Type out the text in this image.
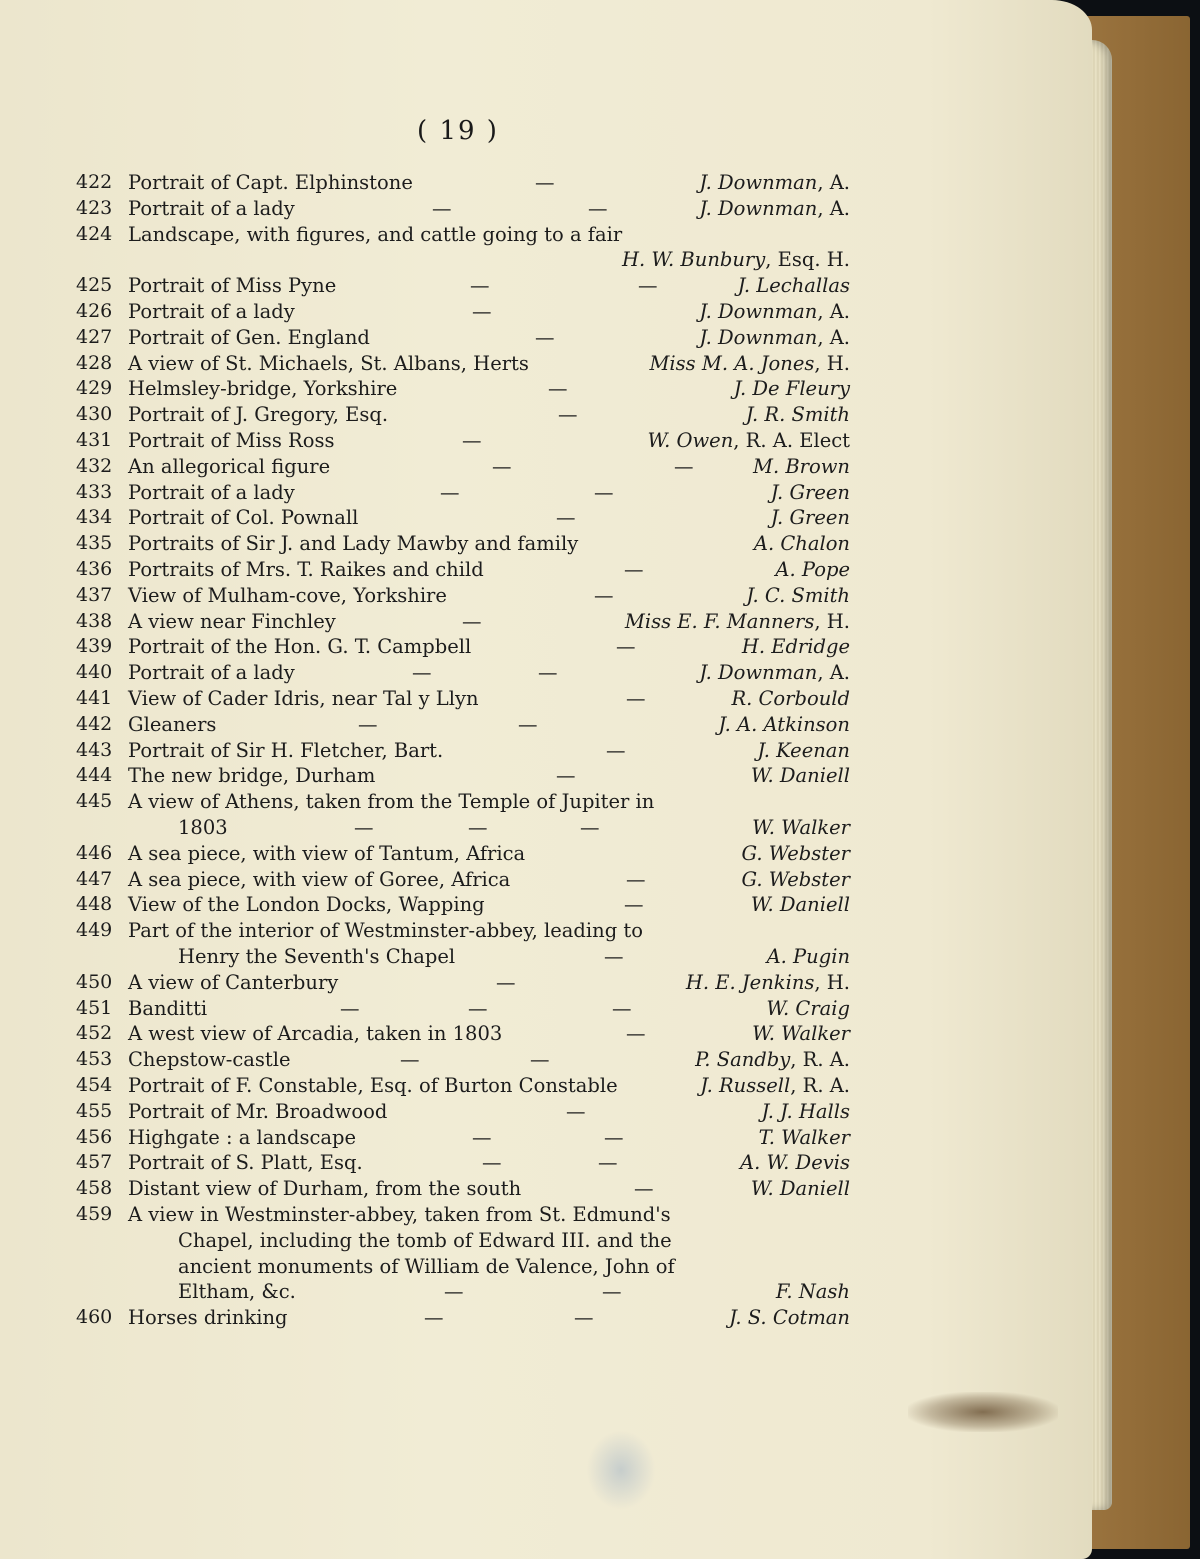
( 19 )
422 Portrait of Capt. Elphinstone	—	J. Downman, A.
423 Portrait of a lady	—	—	J. Downman, A.
424 Landscape, with figures, and cattle going to a fair
H. W. Bunbury, Esq. H.
425 Portrait of Miss Pyne	—	—	J. Lechallas
426 Portrait of a lady	—	J. Downman, A.
427 Portrait of Gen. England	—	J. Downman, A.
428 A view of St. Michaels, St. Albans, Herts	Miss M. A. Jones, H.
429 Helmsley-bridge, Yorkshire	—	J. De Fleury
430 Portrait of J. Gregory, Esq.	—	J. R. Smith
431 Portrait of Miss Ross	—	W. Owen, R. A. Elect
432 An allegorical figure	—	—	M. Brown
433 Portrait of a lady	—	—	J. Green
434 Portrait of Col. Pownall	—	J. Green
435 Portraits of Sir J. and Lady Mawby and family	A. Chalon
436 Portraits of Mrs. T. Raikes and child	—	A. Pope
437 View of Mulham-cove, Yorkshire	—	J. C. Smith
438 A view near Finchley	—	Miss E. F. Manners, H.
439 Portrait of the Hon. G. T. Campbell	—	H. Edridge
440 Portrait of a lady	—	—	J. Downman, A.
441 View of Cader Idris, near Tal y Llyn	—	R. Corbould
442 Gleaners	—	—	J. A. Atkinson
443 Portrait of Sir H. Fletcher, Bart.	—	J. Keenan
444 The new bridge, Durham	—	W. Daniell
445 A view of Athens, taken from the Temple of Jupiter in
1803	—	—	—	W. Walker
446 A sea piece, with view of Tantum, Africa	G. Webster
447 A sea piece, with view of Goree, Africa	—	G. Webster
448 View of the London Docks, Wapping	—	W. Daniell
449 Part of the interior of Westminster-abbey, leading to
Henry the Seventh's Chapel	—	A. Pugin
450 A view of Canterbury	—	H. E. Jenkins, H.
451 Banditti	—	—	—	W. Craig
452 A west view of Arcadia, taken in 1803	—	W. Walker
453 Chepstow-castle	—	—	P. Sandby, R. A.
454 Portrait of F. Constable, Esq. of Burton Constable	J. Russell, R. A.
455 Portrait of Mr. Broadwood	—	J. J. Halls
456 Highgate : a landscape	—	—	T. Walker
457 Portrait of S. Platt, Esq.	—	—	A. W. Devis
458 Distant view of Durham, from the south	—	W. Daniell
459 A view in Westminster-abbey, taken from St. Edmund's
Chapel, including the tomb of Edward III. and the
ancient monuments of William de Valence, John of
Eltham, &c.	—	—	F. Nash
460 Horses drinking	—	—	J. S. Cotman
